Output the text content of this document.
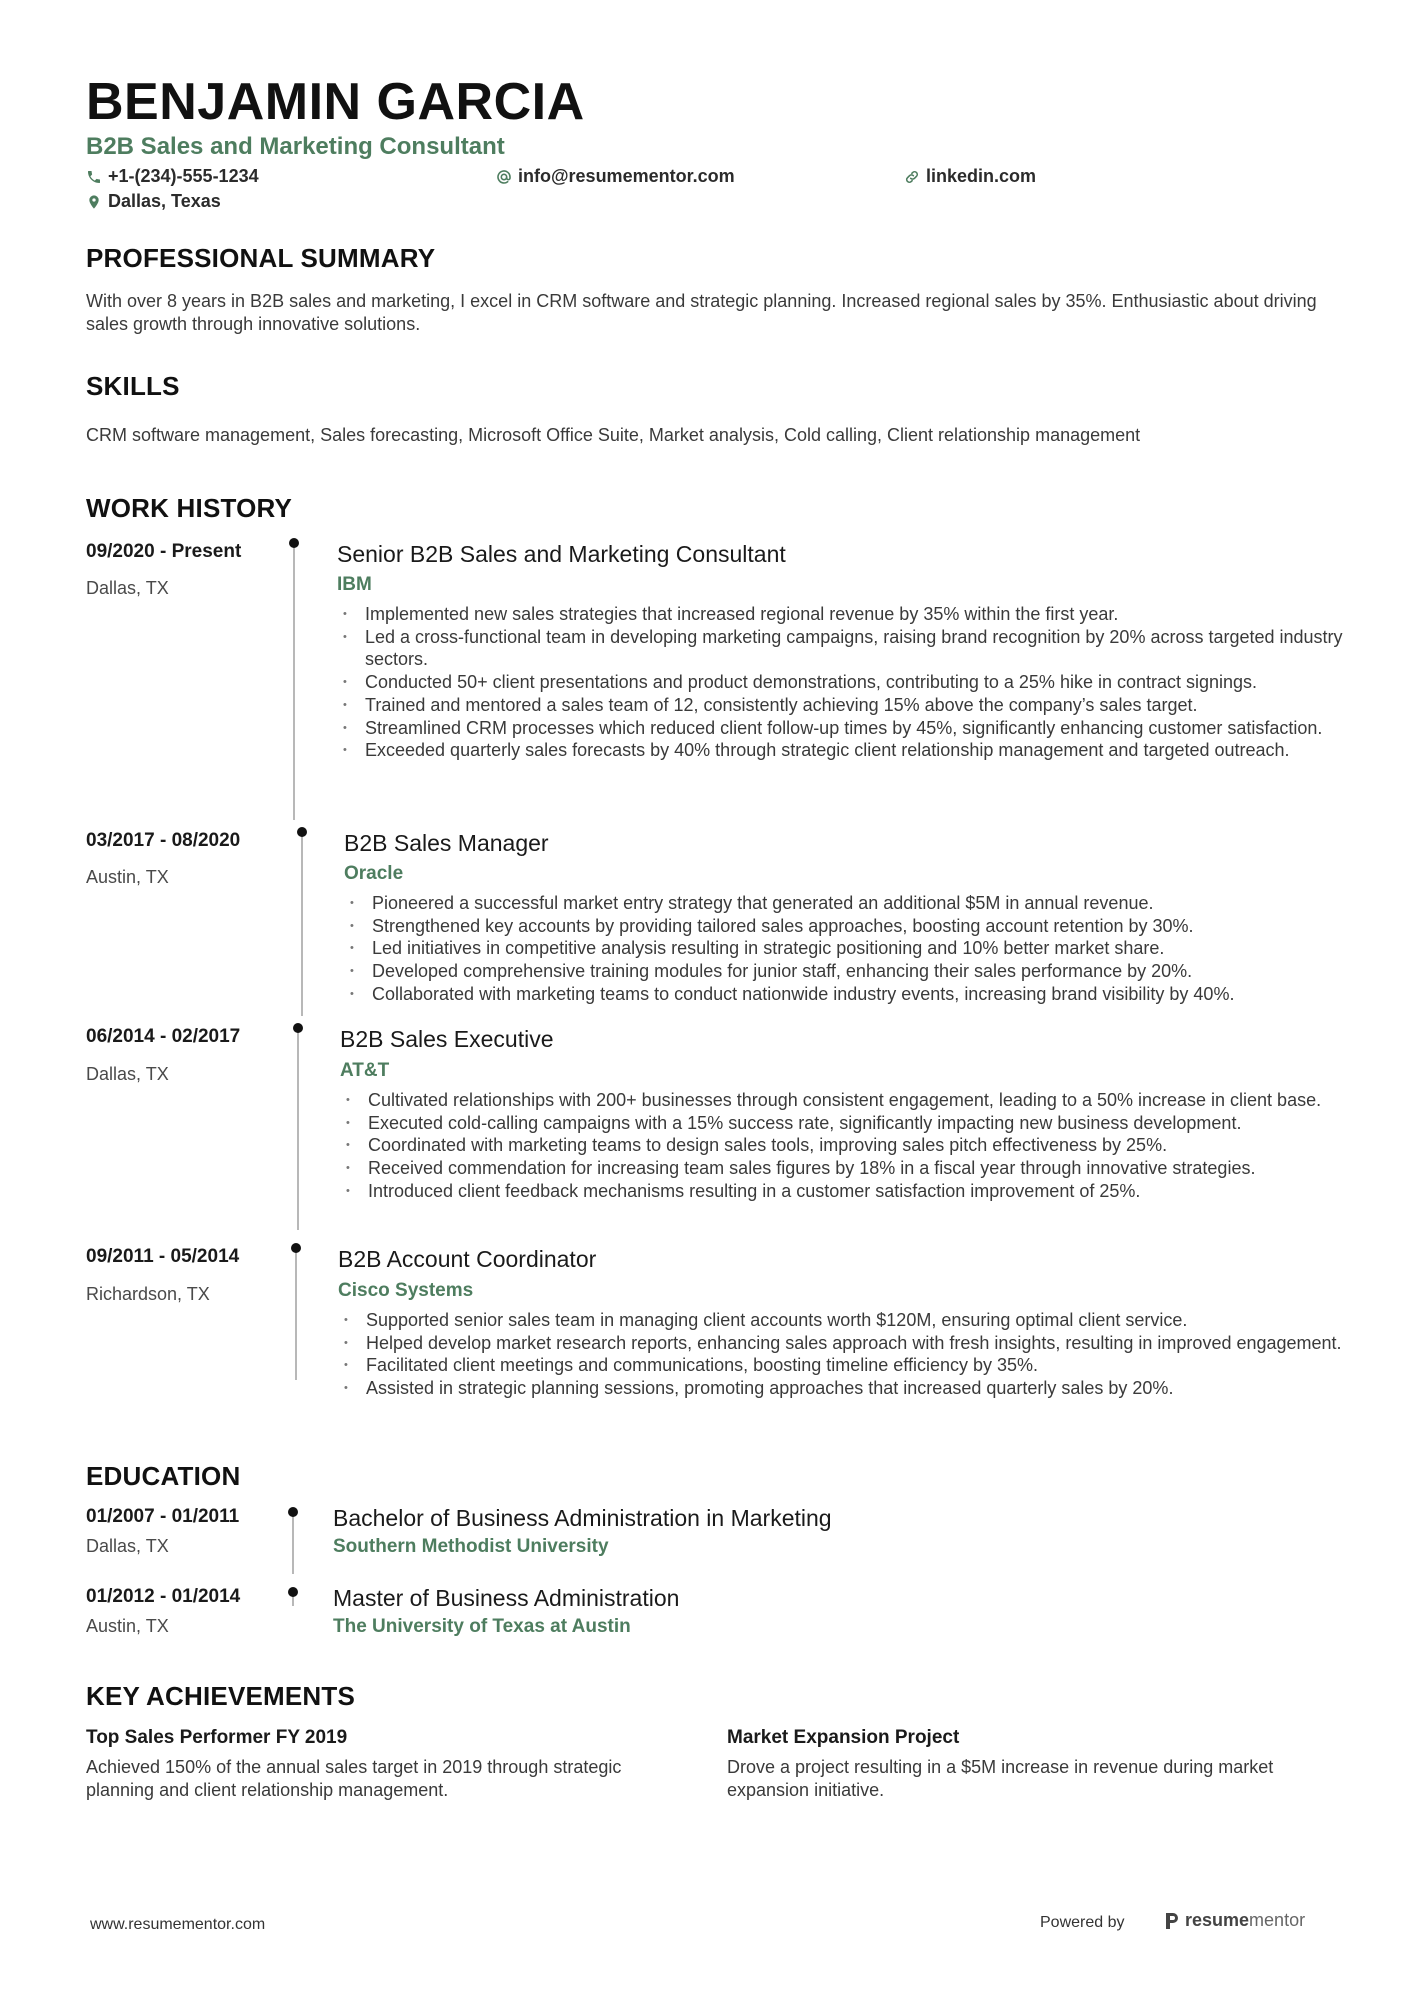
BENJAMIN GARCIA
B2B Sales and Marketing Consultant
+1-(234)-555-1234	info@resumementor.com	linkedin.com
Dallas, Texas
PROFESSIONAL SUMMARY
With over 8 years in B2B sales and marketing, I excel in CRM software and strategic planning. Increased regional sales by 35%. Enthusiastic about driving sales growth through innovative solutions.
SKILLS
CRM software management, Sales forecasting, Microsoft Office Suite, Market analysis, Cold calling, Client relationship management
WORK HISTORY
09/2020 - Present
Dallas, TX
Senior B2B Sales and Marketing Consultant
IBM
• Implemented new sales strategies that increased regional revenue by 35% within the first year.
• Led a cross-functional team in developing marketing campaigns, raising brand recognition by 20% across targeted industry sectors.
• Conducted 50+ client presentations and product demonstrations, contributing to a 25% hike in contract signings.
• Trained and mentored a sales team of 12, consistently achieving 15% above the company’s sales target.
• Streamlined CRM processes which reduced client follow-up times by 45%, significantly enhancing customer satisfaction.
• Exceeded quarterly sales forecasts by 40% through strategic client relationship management and targeted outreach.
03/2017 - 08/2020
Austin, TX
B2B Sales Manager
Oracle
• Pioneered a successful market entry strategy that generated an additional $5M in annual revenue.
• Strengthened key accounts by providing tailored sales approaches, boosting account retention by 30%.
• Led initiatives in competitive analysis resulting in strategic positioning and 10% better market share.
• Developed comprehensive training modules for junior staff, enhancing their sales performance by 20%.
• Collaborated with marketing teams to conduct nationwide industry events, increasing brand visibility by 40%.
06/2014 - 02/2017
Dallas, TX
B2B Sales Executive
AT&T
• Cultivated relationships with 200+ businesses through consistent engagement, leading to a 50% increase in client base.
• Executed cold-calling campaigns with a 15% success rate, significantly impacting new business development.
• Coordinated with marketing teams to design sales tools, improving sales pitch effectiveness by 25%.
• Received commendation for increasing team sales figures by 18% in a fiscal year through innovative strategies.
• Introduced client feedback mechanisms resulting in a customer satisfaction improvement of 25%.
09/2011 - 05/2014
Richardson, TX
B2B Account Coordinator
Cisco Systems
• Supported senior sales team in managing client accounts worth $120M, ensuring optimal client service.
• Helped develop market research reports, enhancing sales approach with fresh insights, resulting in improved engagement.
• Facilitated client meetings and communications, boosting timeline efficiency by 35%.
• Assisted in strategic planning sessions, promoting approaches that increased quarterly sales by 20%.
EDUCATION
01/2007 - 01/2011
Dallas, TX
Bachelor of Business Administration in Marketing
Southern Methodist University
01/2012 - 01/2014
Austin, TX
Master of Business Administration
The University of Texas at Austin
KEY ACHIEVEMENTS
Top Sales Performer FY 2019
Achieved 150% of the annual sales target in 2019 through strategic planning and client relationship management.
Market Expansion Project
Drove a project resulting in a $5M increase in revenue during market expansion initiative.
www.resumementor.com	Powered by	resumementor
